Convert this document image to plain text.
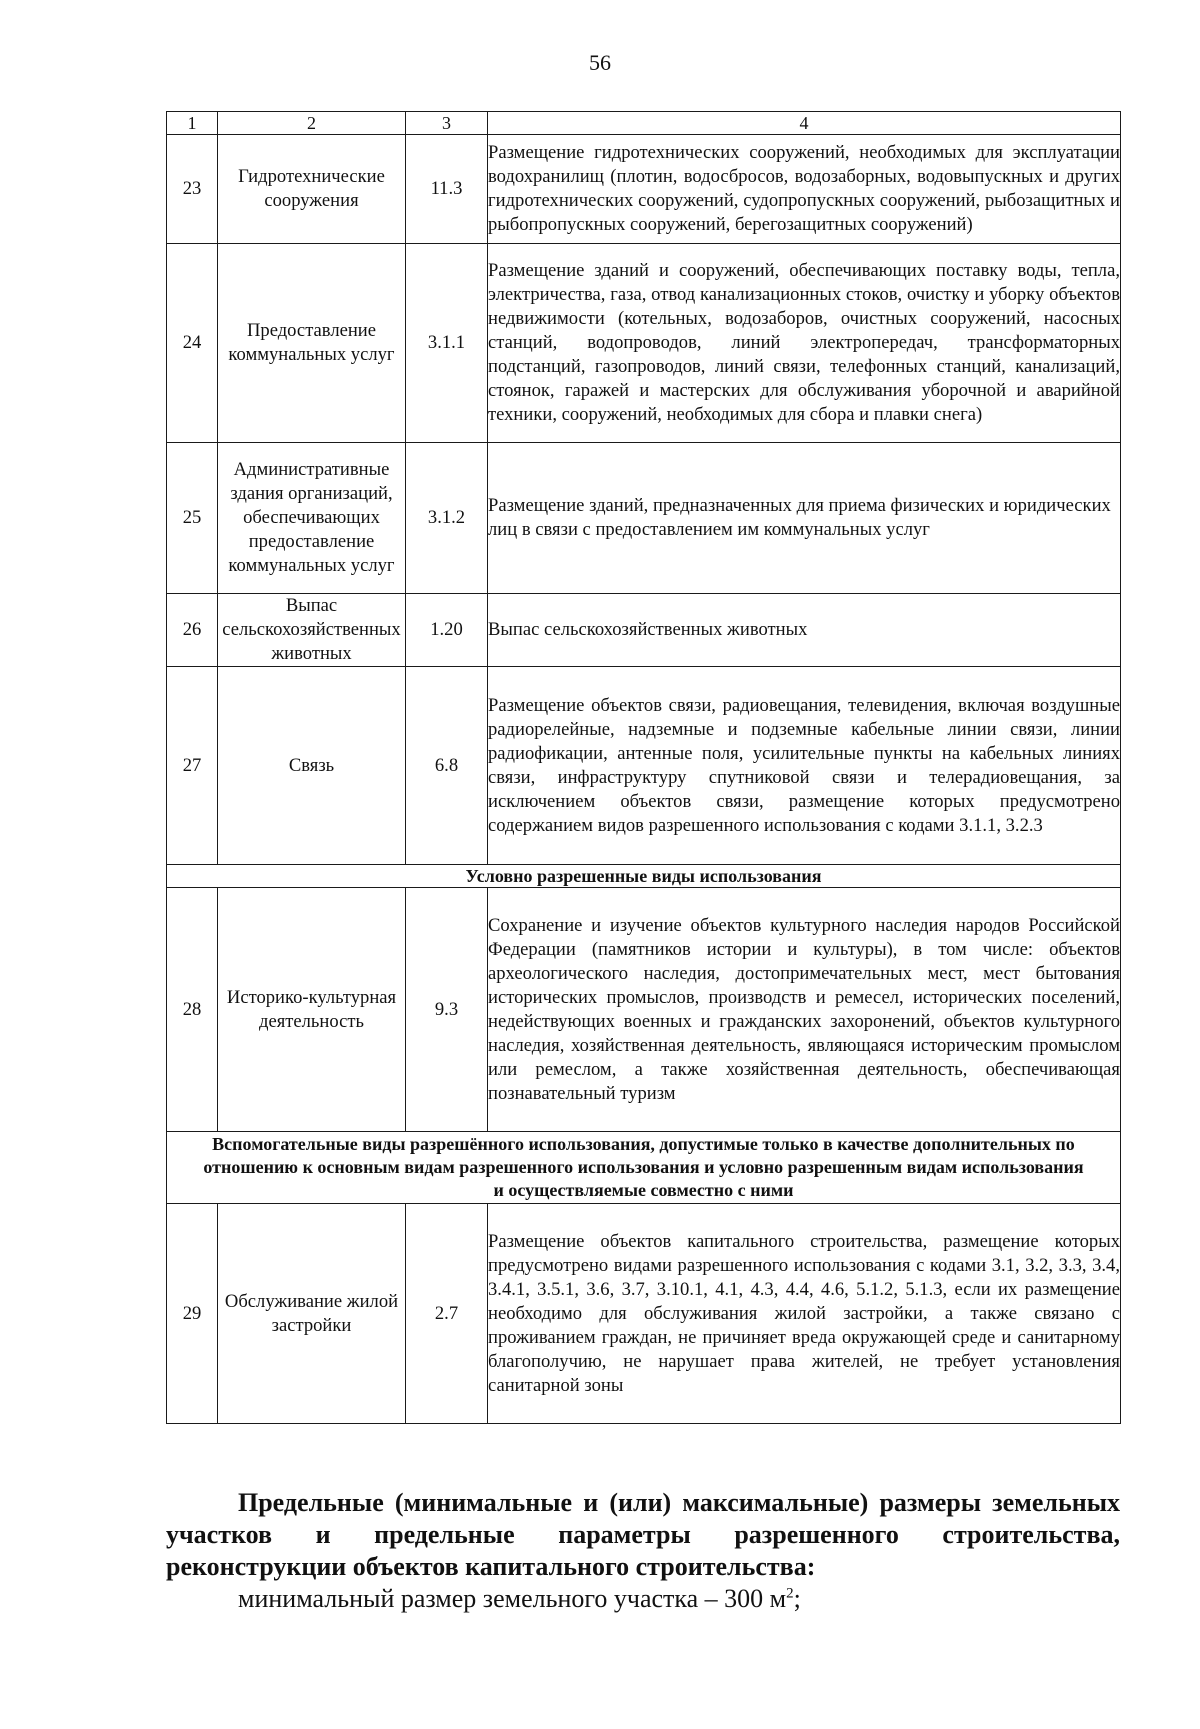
56
1	2	3	4
23	Гидротехнические сооружения	11.3	Размещение гидротехнических сооружений, необходимых для эксплуатации водохранилищ (плотин, водосбросов, водозаборных, водовыпускных и других гидротехнических сооружений, судопропускных сооружений, рыбозащитных и рыбопропускных сооружений, берегозащитных сооружений)
24	Предоставление коммунальных услуг	3.1.1	Размещение зданий и сооружений, обеспечивающих поставку воды, тепла, электричества, газа, отвод канализационных стоков, очистку и уборку объектов недвижимости (котельных, водозаборов, очистных сооружений, насосных станций, водопроводов, линий электропередач, трансформаторных подстанций, газопроводов, линий связи, телефонных станций, канализаций, стоянок, гаражей и мастерских для обслуживания уборочной и аварийной техники, сооружений, необходимых для сбора и плавки снега)
25	Административные здания организаций, обеспечивающих предоставление коммунальных услуг	3.1.2	Размещение зданий, предназначенных для приема физических и юридических лиц в связи с предоставлением им коммунальных услуг
26	Выпас сельскохозяйственных животных	1.20	Выпас сельскохозяйственных животных
27	Связь	6.8	Размещение объектов связи, радиовещания, телевидения, включая воздушные радиорелейные, надземные и подземные кабельные линии связи, линии радиофикации, антенные поля, усилительные пункты на кабельных линиях связи, инфраструктуру спутниковой связи и телерадиовещания, за исключением объектов связи, размещение которых предусмотрено содержанием видов разрешенного использования с кодами 3.1.1, 3.2.3
Условно разрешенные виды использования			
28	Историко-культурная деятельность	9.3	Сохранение и изучение объектов культурного наследия народов Российской Федерации (памятников истории и культуры), в том числе: объектов археологического наследия, достопримечательных мест, мест бытования исторических промыслов, производств и ремесел, исторических поселений, недействующих военных и гражданских захоронений, объектов культурного наследия, хозяйственная деятельность, являющаяся историческим промыслом или ремеслом, а также хозяйственная деятельность, обеспечивающая познавательный туризм
Вспомогательные виды разрешённого использования, допустимые только в качестве дополнительных по отношению к основным видам разрешенного использования и условно разрешенным видам использования и осуществляемые совместно с ними			
29	Обслуживание жилой застройки	2.7	Размещение объектов капитального строительства, размещение которых предусмотрено видами разрешенного использования с кодами 3.1, 3.2, 3.3, 3.4, 3.4.1, 3.5.1, 3.6, 3.7, 3.10.1, 4.1, 4.3, 4.4, 4.6, 5.1.2, 5.1.3, если их размещение необходимо для обслуживания жилой застройки, а также связано с проживанием граждан, не причиняет вреда окружающей среде и санитарному благополучию, не нарушает права жителей, не требует установления санитарной зоны
Предельные (минимальные и (или) максимальные) размеры земельных участков и предельные параметры разрешенного строительства, реконструкции объектов капитального строительства:
минимальный размер земельного участка – 300 $м^2$;
